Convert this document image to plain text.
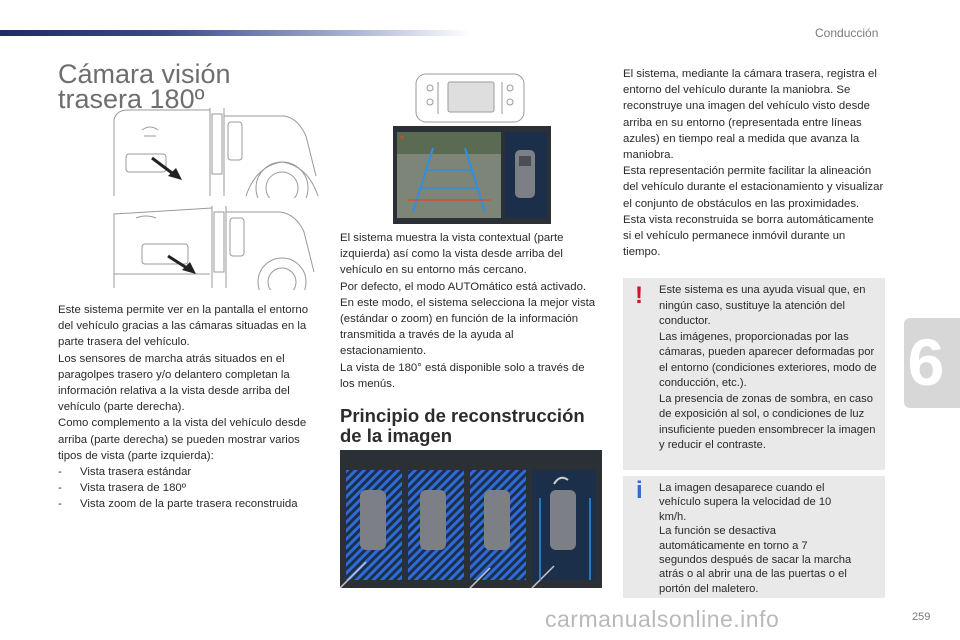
Conducción
6
Cámara visión
trasera 180º

Este sistema permite ver en la pantalla el entorno del vehículo gracias a las cámaras situadas en la parte trasera del vehículo.

Los sensores de marcha atrás situados en el paragolpes trasero y/o delantero completan la información relativa a la vista desde arriba del vehículo (parte derecha).

Como complemento a la vista del vehículo desde arriba (parte derecha) se pueden mostrar varios tipos de vista (parte izquierda):

-	Vista trasera estándar
-	Vista trasera de 180º
-	Vista zoom de la parte trasera reconstruida
✕

El sistema muestra la vista contextual (parte izquierda) así como la vista desde arriba del vehículo en su entorno más cercano.

Por defecto, el modo AUTOmático está activado.

En este modo, el sistema selecciona la mejor vista (estándar o zoom) en función de la información transmitida a través de la ayuda al estacionamiento.

La vista de 180° está disponible solo a través de los menús.

Principio de reconstrucción
de la imagen

El sistema, mediante la cámara trasera, registra el entorno del vehículo durante la maniobra. Se reconstruye una imagen del vehículo visto desde arriba en su entorno (representada entre líneas azules) en tiempo real a medida que avanza la maniobra.

Esta representación permite facilitar la alineación del vehículo durante el estacionamiento y visualizar el conjunto de obstáculos en las proximidades.

Esta vista reconstruida se borra automáticamente si el vehículo permanece inmóvil durante un tiempo.

! Este sistema es una ayuda visual que, en ningún caso, sustituye la atención del conductor.

Las imágenes, proporcionadas por las cámaras, pueden aparecer deformadas por el entorno (condiciones exteriores, modo de conducción, etc.).

La presencia de zonas de sombra, en caso de exposición al sol, o condiciones de luz insuficiente pueden ensombrecer la imagen y reducir el contraste.

i La imagen desaparece cuando el vehículo supera la velocidad de 10 km/h.

La función se desactiva automáticamente en torno a 7 segundos después de sacar la marcha atrás o al abrir una de las puertas o el portón del maletero.

carmanualsonline.info	259
